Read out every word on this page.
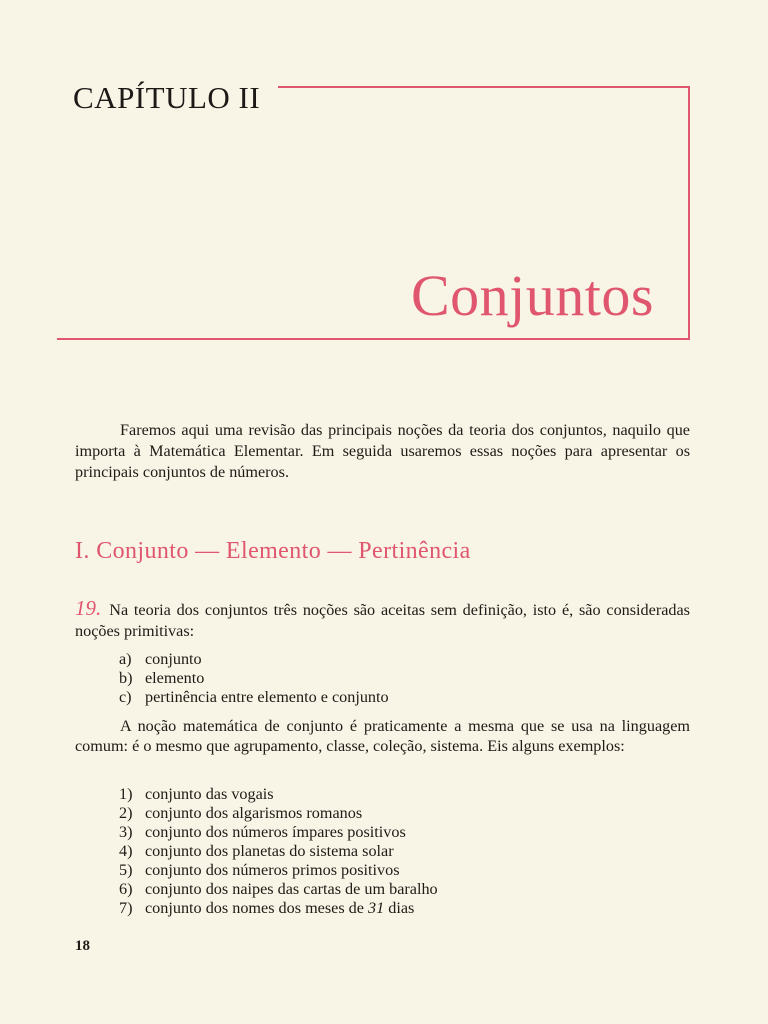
CAPÍTULO II
Conjuntos

Faremos aqui uma revisão das principais noções da teoria dos conjuntos, naquilo que importa à Matemática Elementar. Em seguida usaremos essas noções para apresentar os principais conjuntos de números.

I. Conjunto — Elemento — Pertinência
19. Na teoria dos conjuntos três noções são aceitas sem definição, isto é, são consideradas noções primitivas:
a) conjunto
b) elemento
c) pertinência entre elemento e conjunto

A noção matemática de conjunto é praticamente a mesma que se usa na linguagem comum: é o mesmo que agrupamento, classe, coleção, sistema. Eis alguns exemplos:

1) conjunto das vogais
2) conjunto dos algarismos romanos
3) conjunto dos números ímpares positivos
4) conjunto dos planetas do sistema solar
5) conjunto dos números primos positivos
6) conjunto dos naipes das cartas de um baralho
7) conjunto dos nomes dos meses de 31 dias
18
